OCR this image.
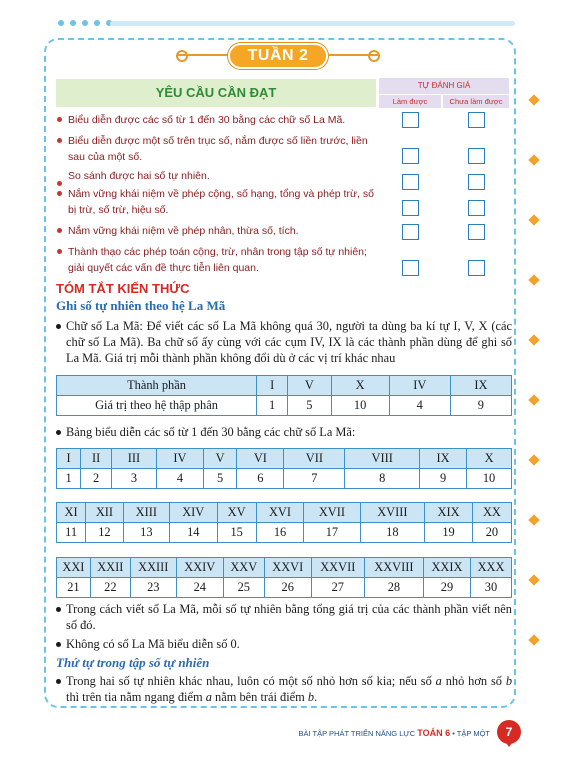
TUẦN 2
YÊU CẦU CẦN ĐẠT	TỰ ĐÁNH GIÁ
Làm được	Chưa làm được
Biểu diễn được các số từ 1 đến 30 bằng các chữ số La Mã.
Biểu diễn được một số trên trục số, nắm được số liền trước, liền sau của một số.
So sánh được hai số tự nhiên.
Nắm vững khái niệm về phép cộng, số hạng, tổng và phép trừ, số bị trừ, số trừ, hiệu số.
Nắm vững khái niệm về phép nhân, thừa số, tích.
Thành thạo các phép toán cộng, trừ, nhân trong tập số tự nhiên; giải quyết các vấn đề thực tiễn liên quan.
TÓM TẮT KIẾN THỨC
Ghi số tự nhiên theo hệ La Mã
Chữ số La Mã: Để viết các số La Mã không quá 30, người ta dùng ba kí tự I, V, X (các chữ số La Mã). Ba chữ số ấy cùng với các cụm IV, IX là các thành phần dùng để ghi số La Mã. Giá trị mỗi thành phần không đổi dù ở các vị trí khác nhau
Thành phần	I	V	X	IV	IX
Giá trị theo hệ thập phân	1	5	10	4	9
Bảng biểu diễn các số từ 1 đến 30 bằng các chữ số La Mã:
I	II	III	IV	V	VI	VII	VIII	IX	X
1	2	3	4	5	6	7	8	9	10
XI	XII	XIII	XIV	XV	XVI	XVII	XVIII	XIX	XX
11	12	13	14	15	16	17	18	19	20
XXI	XXII	XXIII	XXIV	XXV	XXVI	XXVII	XXVIII	XXIX	XXX
21	22	23	24	25	26	27	28	29	30
Trong cách viết số La Mã, mỗi số tự nhiên bằng tổng giá trị của các thành phần viết nên số đó.
Không có số La Mã biểu diễn số 0.
Thứ tự trong tập số tự nhiên
Trong hai số tự nhiên khác nhau, luôn có một số nhỏ hơn số kia; nếu số a nhỏ hơn số b thì trên tia nằm ngang điểm a nằm bên trái điểm b.
BÀI TẬP PHÁT TRIỂN NĂNG LỰC TOÁN 6 • TẬP MỘT	7
